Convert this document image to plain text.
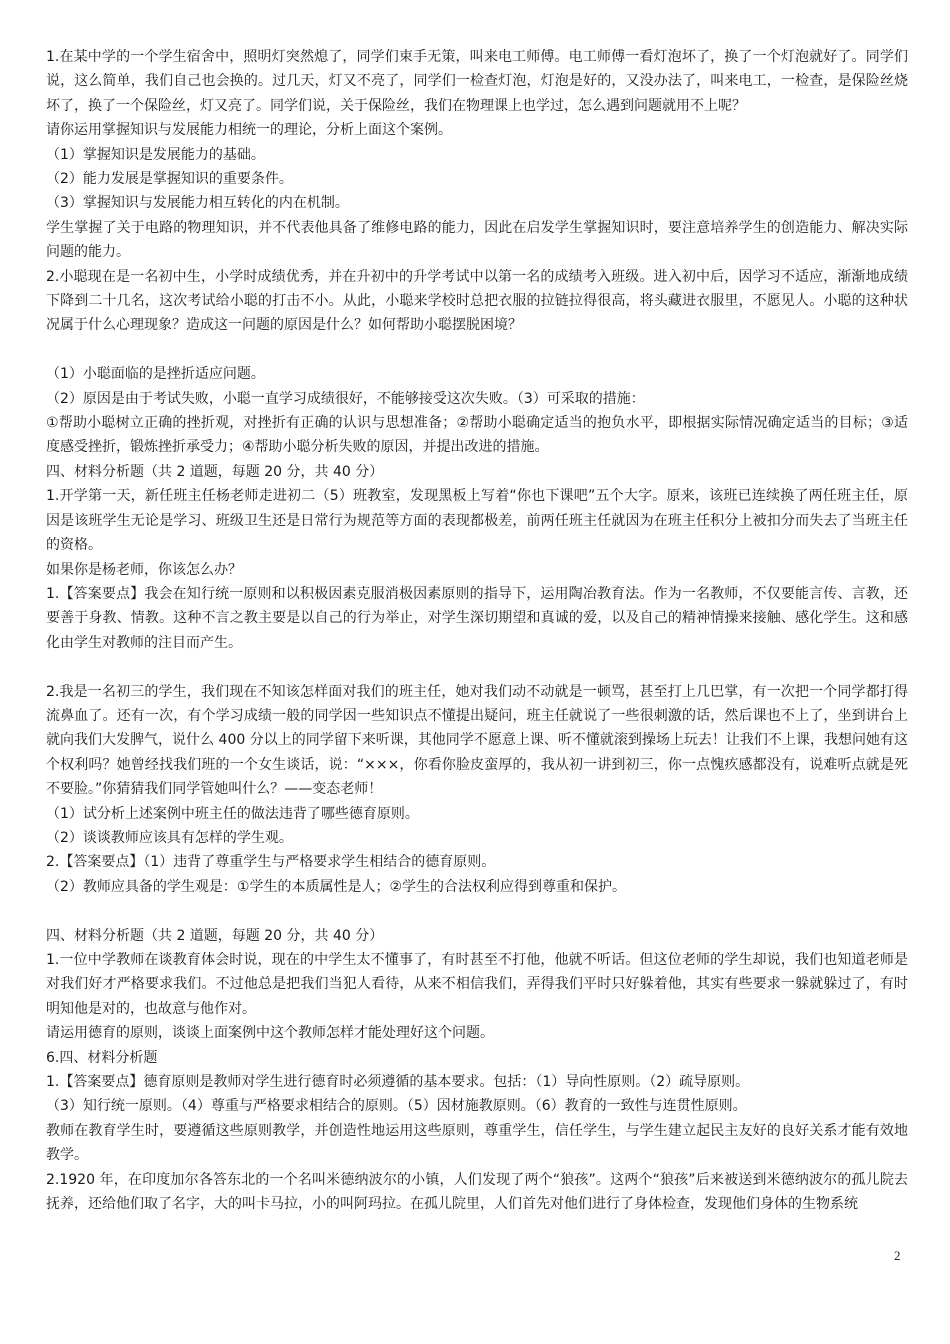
1.在某中学的一个学生宿舍中，照明灯突然熄了，同学们束手无策，叫来电工师傅。电工师傅一看灯泡坏了，换了一个灯泡就好了。同学们说，这么简单，我们自己也会换的。过几天，灯又不亮了，同学们一检查灯泡，灯泡是好的，又没办法了，叫来电工，一检查，是保险丝烧坏了，换了一个保险丝，灯又亮了。同学们说，关于保险丝，我们在物理课上也学过，怎么遇到问题就用不上呢？

请你运用掌握知识与发展能力相统一的理论，分析上面这个案例。

（1）掌握知识是发展能力的基础。

（2）能力发展是掌握知识的重要条件。

（3）掌握知识与发展能力相互转化的内在机制。

学生掌握了关于电路的物理知识，并不代表他具备了维修电路的能力，因此在启发学生掌握知识时，要注意培养学生的创造能力、解决实际问题的能力。

2.小聪现在是一名初中生，小学时成绩优秀，并在升初中的升学考试中以第一名的成绩考入班级。进入初中后，因学习不适应，渐渐地成绩下降到二十几名，这次考试给小聪的打击不小。从此，小聪来学校时总把衣服的拉链拉得很高，将头藏进衣服里，不愿见人。小聪的这种状况属于什么心理现象？造成这一问题的原因是什么？如何帮助小聪摆脱困境？

（1）小聪面临的是挫折适应问题。

（2）原因是由于考试失败，小聪一直学习成绩很好，不能够接受这次失败。（3）可采取的措施：

①帮助小聪树立正确的挫折观，对挫折有正确的认识与思想准备；②帮助小聪确定适当的抱负水平，即根据实际情况确定适当的目标；③适度感受挫折，锻炼挫折承受力；④帮助小聪分析失败的原因，并提出改进的措施。

四、材料分析题（共 2 道题，每题 20 分，共 40 分）

1.开学第一天，新任班主任杨老师走进初二（5）班教室，发现黑板上写着“你也下课吧”五个大字。原来，该班已连续换了两任班主任，原因是该班学生无论是学习、班级卫生还是日常行为规范等方面的表现都极差，前两任班主任就因为在班主任积分上被扣分而失去了当班主任的资格。

如果你是杨老师，你该怎么办？

1.【答案要点】我会在知行统一原则和以积极因素克服消极因素原则的指导下，运用陶冶教育法。作为一名教师，不仅要能言传、言教，还要善于身教、情教。这种不言之教主要是以自己的行为举止，对学生深切期望和真诚的爱，以及自己的精神情操来接触、感化学生。这和感化由学生对教师的注目而产生。

2.我是一名初三的学生，我们现在不知该怎样面对我们的班主任，她对我们动不动就是一顿骂，甚至打上几巴掌，有一次把一个同学都打得流鼻血了。还有一次，有个学习成绩一般的同学因一些知识点不懂提出疑问，班主任就说了一些很刺激的话，然后课也不上了，坐到讲台上就向我们大发脾气，说什么 400 分以上的同学留下来听课，其他同学不愿意上课、听不懂就滚到操场上玩去！让我们不上课，我想问她有这个权利吗？她曾经找我们班的一个女生谈话，说：“×××，你看你脸皮蛮厚的，我从初一讲到初三，你一点愧疚感都没有，说难听点就是死不要脸。”你猜猜我们同学管她叫什么？——变态老师！

（1）试分析上述案例中班主任的做法违背了哪些德育原则。

（2）谈谈教师应该具有怎样的学生观。

2.【答案要点】（1）违背了尊重学生与严格要求学生相结合的德育原则。

（2）教师应具备的学生观是：①学生的本质属性是人；②学生的合法权利应得到尊重和保护。

四、材料分析题（共 2 道题，每题 20 分，共 40 分）

1.一位中学教师在谈教育体会时说，现在的中学生太不懂事了，有时甚至不打他，他就不听话。但这位老师的学生却说，我们也知道老师是对我们好才严格要求我们。不过他总是把我们当犯人看待，从来不相信我们，弄得我们平时只好躲着他，其实有些要求一躲就躲过了，有时明知他是对的，也故意与他作对。

请运用德育的原则，谈谈上面案例中这个教师怎样才能处理好这个问题。

6.四、材料分析题

1.【答案要点】德育原则是教师对学生进行德育时必须遵循的基本要求。包括：（1）导向性原则。（2）疏导原则。

（3）知行统一原则。（4）尊重与严格要求相结合的原则。（5）因材施教原则。（6）教育的一致性与连贯性原则。

教师在教育学生时，要遵循这些原则教学，并创造性地运用这些原则，尊重学生，信任学生，与学生建立起民主友好的良好关系才能有效地教学。

2.1920 年，在印度加尔各答东北的一个名叫米德纳波尔的小镇，人们发现了两个“狼孩”。这两个“狼孩”后来被送到米德纳波尔的孤儿院去抚养，还给他们取了名字，大的叫卡马拉，小的叫阿玛拉。在孤儿院里，人们首先对他们进行了身体检查，发现他们身体的生物系统

2
